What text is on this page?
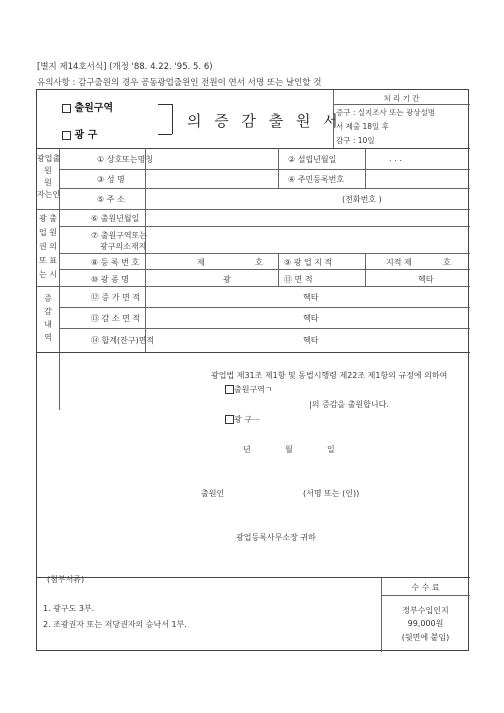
[별지 제14호서식] (개정 '88. 4.22. '95. 5. 6)
유의사항 : 감구출원의 경우 공동광업출원인 전원이 연서 서명 또는 날인할 것
출원구역
광 구
의 증 감 출 원 서
처 리 기 간
증구 : 실지조사 또는 광상설명
서 제출 18일 후
감구 : 10일
광업출
원
원
자는인
① 상호또는명칭	② 설립년월일	. . .
③ 성 명	④ 주민등록번호
⑤ 주 소	(전화번호 )
광 출
업 원
권 의
또 표
는 시
⑥ 출원년월일
⑦ 출원구역또는
광구의소재지
⑧ 등 록 번 호	제	호	⑨ 광 업 지 적	지적 제	호
⑩ 광 종 명	광	⑪ 면 적	헥타
증
감
내
역
⑫ 증 가 면 적	헥타
⑬ 감 소 면 적	헥타
⑭ 합계(잔구)면적	헥타
광업법 제31조 제1항 및 동법시행령 제22조 제1항의 규정에 의하여
출원구역ㄱ
|의 증감을 출원합니다.
광 구ᅳ
년	월	일
출원인	(서명 또는 (인))
광업등록사무소장 귀하
(첨부서류)
1. 광구도 3부.
2. 조광권자 또는 저당권자의 승낙서 1부.
수 수 료
정부수입인지
99,000원
(뒷면에 붙임)
